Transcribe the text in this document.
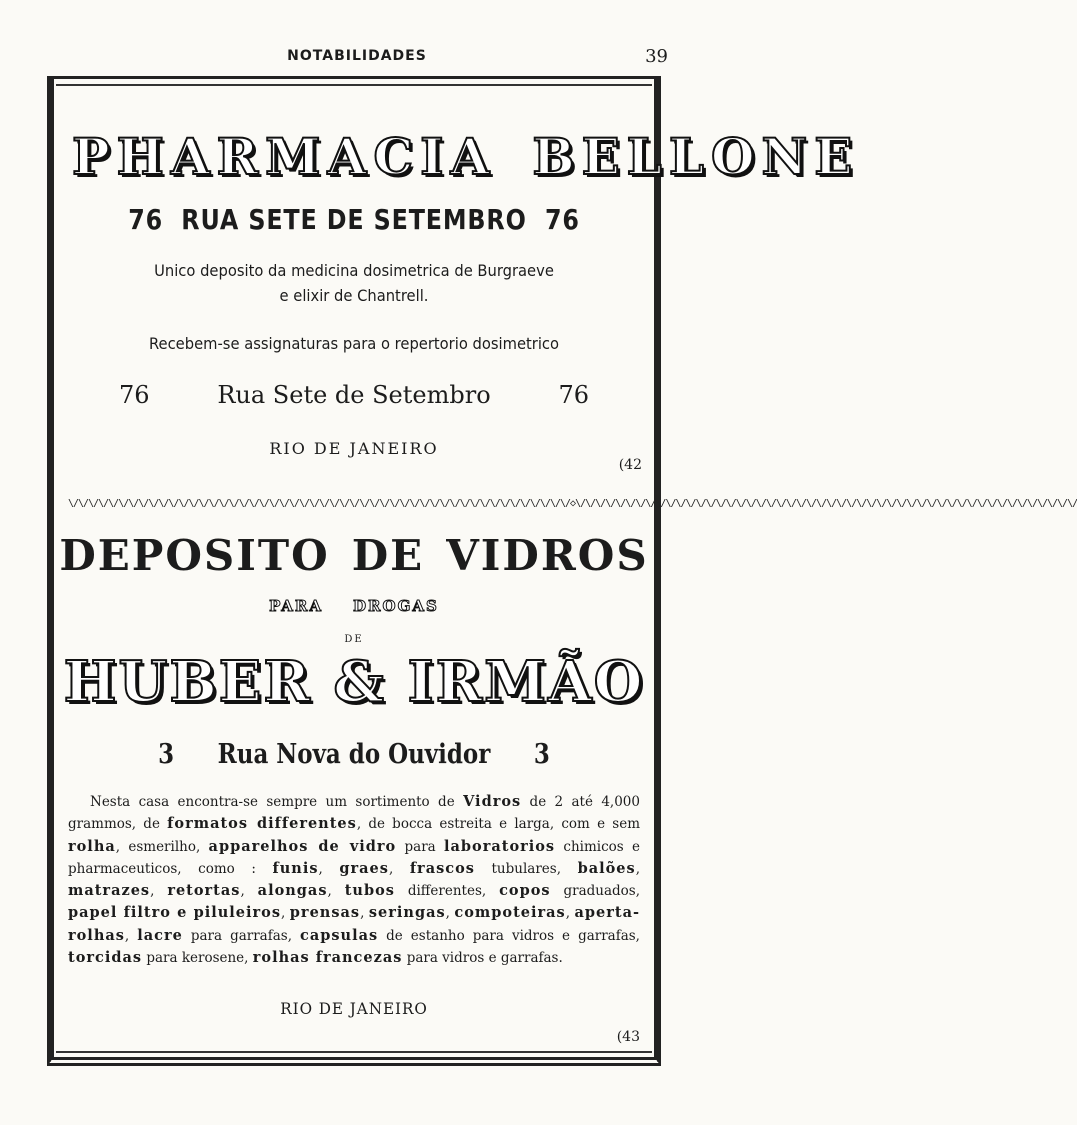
NOTABILIDADES	39
PHARMACIA BELLONE
76 RUA SETE DE SETEMBRO 76
Unico deposito da medicina dosimetrica de Burgraeve
e elixir de Chantrell.
Recebem-se assignaturas para o repertorio dosimetrico
76	Rua Sete de Setembro	76
RIO DE JANEIRO
(42
\/\/\/\/\/\/\/\/\/\/\/\/\/\/\/\/\/\/\/\/\/\/\/\/\/\/\/\/\/\/\/\/\/\/\/\/\/\/\/\/\/\/\/\/\/\/\/\/\/\/◇\/\/\/\/\/\/\/\/\/\/\/\/\/\/\/\/\/\/\/\/\/\/\/\/\/\/\/\/\/\/\/\/\/\/\/\/\/\/\/\/\/\/\/\/\/\/\/\/\/\/
DEPOSITO DE VIDROS
PARA DROGAS
DE
HUBER & IRMÃO
3 Rua Nova do Ouvidor 3
Nesta casa encontra-se sempre um sortimento de Vidros de 2 até 4,000 grammos, de formatos differentes, de bocca estreita e larga, com e sem rolha, esmerilho, apparelhos de vidro para laboratorios chimicos e pharmaceuticos, como : funis, graes, frascos tubulares, balões, matrazes, retortas, alongas, tubos differentes, copos graduados, papel filtro e piluleiros, prensas, seringas, compoteiras, aperta-rolhas, lacre para garrafas, capsulas de estanho para vidros e garrafas, torcidas para kerosene, rolhas francezas para vidros e garrafas.
RIO DE JANEIRO
(43
